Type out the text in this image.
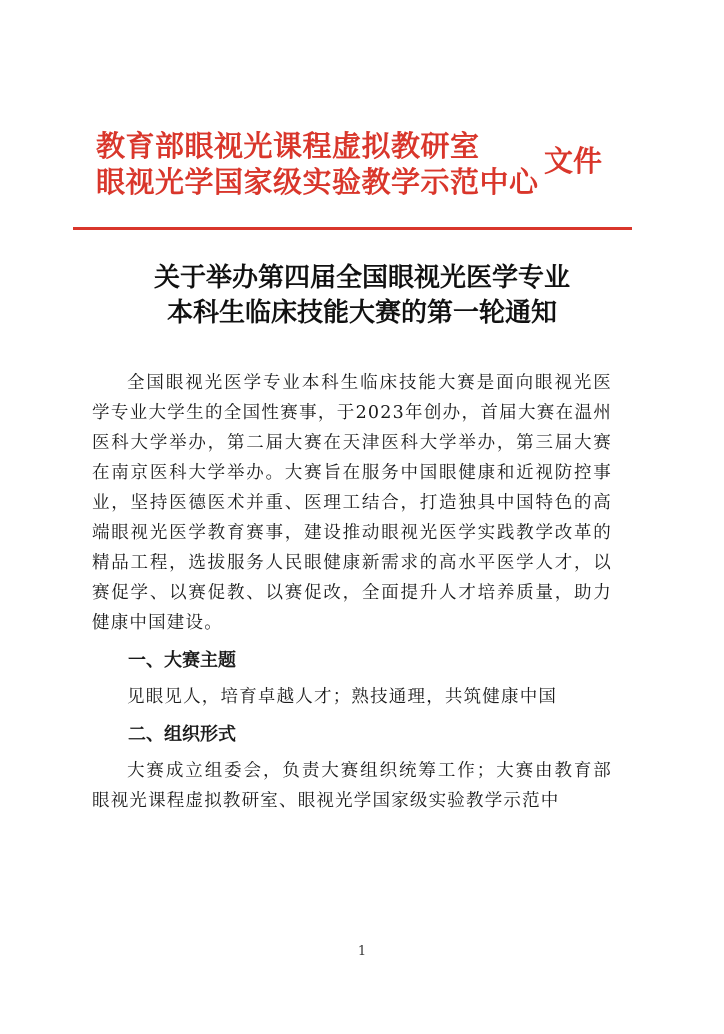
教育部眼视光课程虚拟教研室
眼视光学国家级实验教学示范中心
文件
关于举办第四届全国眼视光医学专业
本科生临床技能大赛的第一轮通知

全国眼视光医学专业本科生临床技能大赛是面向眼视光医学专业大学生的全国性赛事，于2023年创办，首届大赛在温州医科大学举办，第二届大赛在天津医科大学举办，第三届大赛在南京医科大学举办。大赛旨在服务中国眼健康和近视防控事业，坚持医德医术并重、医理工结合，打造独具中国特色的高端眼视光医学教育赛事，建设推动眼视光医学实践教学改革的精品工程，选拔服务人民眼健康新需求的高水平医学人才，以赛促学、以赛促教、以赛促改，全面提升人才培养质量，助力健康中国建设。

一、大赛主题

见眼见人，培育卓越人才；熟技通理，共筑健康中国

二、组织形式

大赛成立组委会，负责大赛组织统筹工作；大赛由教育部眼视光课程虚拟教研室、眼视光学国家级实验教学示范中

1
